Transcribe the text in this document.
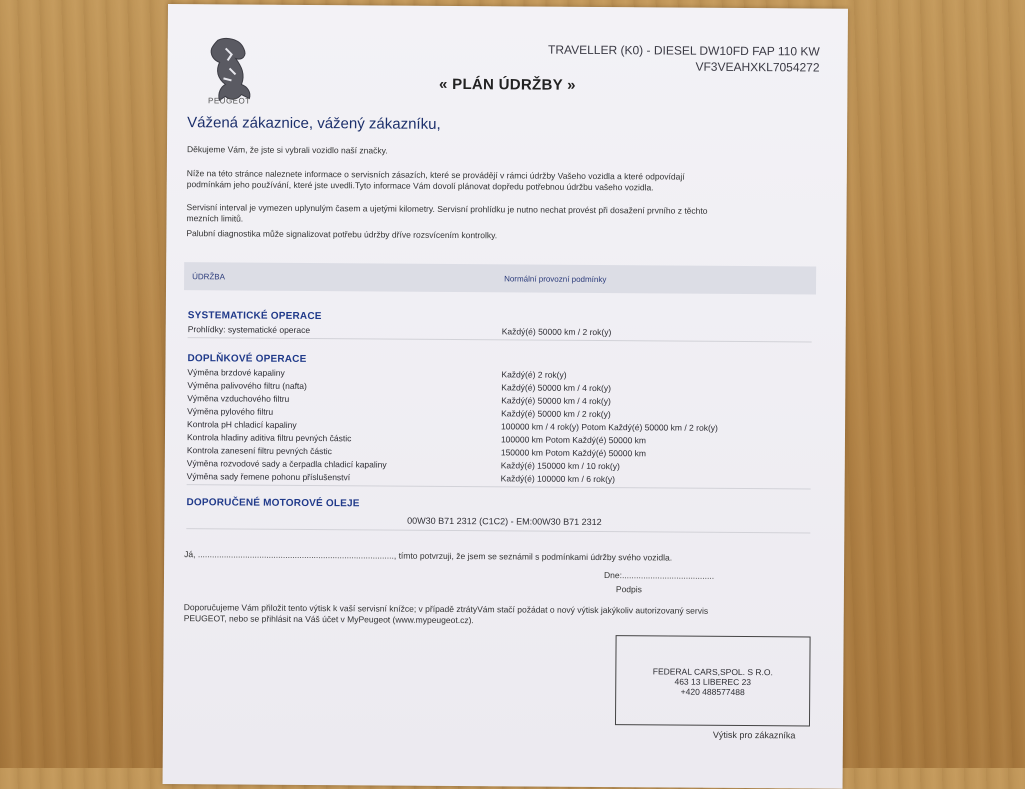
PEUGEOT
TRAVELLER (K0) - DIESEL DW10FD FAP 110 KW
VF3VEAHXKL7054272
« PLÁN ÚDRŽBY »
Vážená zákaznice, vážený zákazníku,
Děkujeme Vám, že jste si vybrali vozidlo naší značky.
Níže na této stránce naleznete informace o servisních zásazích, které se provádějí v rámci údržby Vašeho vozidla a které odpovídají
podmínkám jeho používání, které jste uvedli.Tyto informace Vám dovolí plánovat dopředu potřebnou údržbu vašeho vozidla.
Servisní interval je vymezen uplynulým časem a ujetými kilometry. Servisní prohlídku je nutno nechat provést při dosažení prvního z těchto
mezních limitů.
Palubní diagnostika může signalizovat potřebu údržby dříve rozsvícením kontrolky.
ÚDRŽBA	Normální provozní podmínky
SYSTEMATICKÉ OPERACE
Prohlídky: systematické operace	Každý(é) 50000 km / 2 rok(y)
DOPLŇKOVÉ OPERACE
Výměna brzdové kapaliny	Každý(é) 2 rok(y)
Výměna palivového filtru (nafta)	Každý(é) 50000 km / 4 rok(y)
Výměna vzduchového filtru	Každý(é) 50000 km / 4 rok(y)
Výměna pylového filtru	Každý(é) 50000 km / 2 rok(y)
Kontrola pH chladicí kapaliny	100000 km / 4 rok(y) Potom Každý(é) 50000 km / 2 rok(y)
Kontrola hladiny aditiva filtru pevných částic	100000 km Potom Každý(é) 50000 km
Kontrola zanesení filtru pevných částic	150000 km Potom Každý(é) 50000 km
Výměna rozvodové sady a čerpadla chladicí kapaliny	Každý(é) 150000 km / 10 rok(y)
Výměna sady řemene pohonu příslušenství	Každý(é) 100000 km / 6 rok(y)
DOPORUČENÉ MOTOROVÉ OLEJE
00W30 B71 2312 (C1C2) - EM:00W30 B71 2312
Já, ..................................................................................., tímto potvrzuji, že jsem se seznámil s podmínkami údržby svého vozidla.
Dne:.......................................
Podpis
Doporučujeme Vám přiložit tento výtisk k vaší servisní knížce; v případě ztrátyVám stačí požádat o nový výtisk jakýkoliv autorizovaný servis
PEUGEOT, nebo se přihlásit na Váš účet v MyPeugeot (www.mypeugeot.cz).
FEDERAL CARS,SPOL. S R.O.
463 13 LIBEREC 23
+420 488577488
Výtisk pro zákazníka
